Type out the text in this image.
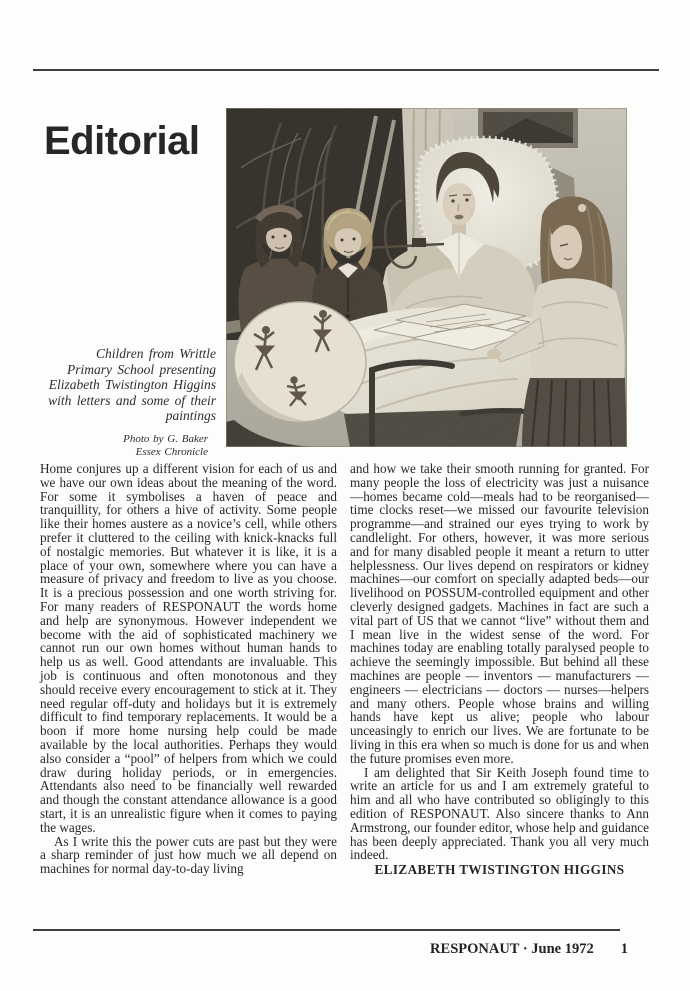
Editorial
Children from Writtle
Primary School presenting
Elizabeth Twistington Higgins
with letters and some of their
paintings
Photo by G. Baker
Essex Chronicle

Home conjures up a different vision for each of us and we have our own ideas about the meaning of the word. For some it symbolises a haven of peace and tranquillity, for others a hive of activity. Some people like their homes austere as a novice’s cell, while others prefer it cluttered to the ceiling with knick-knacks full of nostalgic memories. But whatever it is like, it is a place of your own, somewhere where you can have a measure of privacy and freedom to live as you choose. It is a precious possession and one worth striving for. For many readers of RESPONAUT the words home and help are synonymous. However independent we become with the aid of sophisticated machinery we cannot run our own homes without human hands to help us as well. Good attendants are invaluable. This job is continuous and often monotonous and they should receive every encouragement to stick at it. They need regular off-duty and holidays but it is extremely difficult to find temporary replacements. It would be a boon if more home nursing help could be made available by the local authorities. Perhaps they would also consider a “pool” of helpers from which we could draw during holiday periods, or in emergencies. Attendants also need to be financially well rewarded and though the constant attendance allowance is a good start, it is an unrealistic figure when it comes to paying the wages.

As I write this the power cuts are past but they were a sharp reminder of just how much we all depend on machines for normal day-to-day living

and how we take their smooth running for granted. For many people the loss of electricity was just a nuisance—homes became cold—meals had to be reorganised—time clocks reset—we missed our favourite television programme—and strained our eyes trying to work by candlelight. For others, however, it was more serious and for many disabled people it meant a return to utter helplessness. Our lives depend on respirators or kidney machines—our comfort on specially adapted beds—our livelihood on POSSUM-controlled equipment and other cleverly designed gadgets. Machines in fact are such a vital part of US that we cannot “live” without them and I mean live in the widest sense of the word. For machines today are enabling totally paralysed people to achieve the seemingly impossible. But behind all these machines are people — inventors — manufacturers — engineers — electricians — doctors — nurses—helpers and many others. People whose brains and willing hands have kept us alive; people who labour unceasingly to enrich our lives. We are fortunate to be living in this era when so much is done for us and when the future promises even more.

I am delighted that Sir Keith Joseph found time to write an article for us and I am extremely grateful to him and all who have contributed so obligingly to this edition of RESPONAUT. Also sincere thanks to Ann Armstrong, our founder editor, whose help and guidance has been deeply appreciated. Thank you all very much indeed.

ELIZABETH TWISTINGTON HIGGINS

RESPONAUT · June 1972 1
